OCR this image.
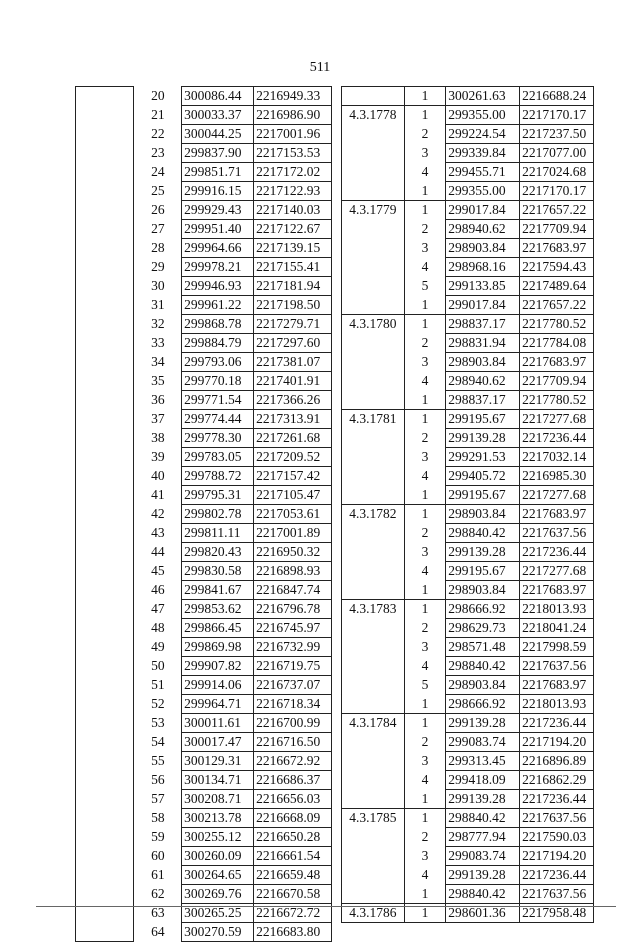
511
	20	300086.44	2216949.33
	21	300033.37	2216986.90
	22	300044.25	2217001.96
	23	299837.90	2217153.53
	24	299851.71	2217172.02
	25	299916.15	2217122.93
	26	299929.43	2217140.03
	27	299951.40	2217122.67
	28	299964.66	2217139.15
	29	299978.21	2217155.41
	30	299946.93	2217181.94
	31	299961.22	2217198.50
	32	299868.78	2217279.71
	33	299884.79	2217297.60
	34	299793.06	2217381.07
	35	299770.18	2217401.91
	36	299771.54	2217366.26
	37	299774.44	2217313.91
	38	299778.30	2217261.68
	39	299783.05	2217209.52
	40	299788.72	2217157.42
	41	299795.31	2217105.47
	42	299802.78	2217053.61
	43	299811.11	2217001.89
	44	299820.43	2216950.32
	45	299830.58	2216898.93
	46	299841.67	2216847.74
	47	299853.62	2216796.78
	48	299866.45	2216745.97
	49	299869.98	2216732.99
	50	299907.82	2216719.75
	51	299914.06	2216737.07
	52	299964.71	2216718.34
	53	300011.61	2216700.99
	54	300017.47	2216716.50
	55	300129.31	2216672.92
	56	300134.71	2216686.37
	57	300208.71	2216656.03
	58	300213.78	2216668.09
	59	300255.12	2216650.28
	60	300260.09	2216661.54
	61	300264.65	2216659.48
	62	300269.76	2216670.58
	63	300265.25	2216672.72
	64	300270.59	2216683.80
	1	300261.63	2216688.24
4.3.1778	1	299355.00	2217170.17
	2	299224.54	2217237.50
	3	299339.84	2217077.00
	4	299455.71	2217024.68
	1	299355.00	2217170.17
4.3.1779	1	299017.84	2217657.22
	2	298940.62	2217709.94
	3	298903.84	2217683.97
	4	298968.16	2217594.43
	5	299133.85	2217489.64
	1	299017.84	2217657.22
4.3.1780	1	298837.17	2217780.52
	2	298831.94	2217784.08
	3	298903.84	2217683.97
	4	298940.62	2217709.94
	1	298837.17	2217780.52
4.3.1781	1	299195.67	2217277.68
	2	299139.28	2217236.44
	3	299291.53	2217032.14
	4	299405.72	2216985.30
	1	299195.67	2217277.68
4.3.1782	1	298903.84	2217683.97
	2	298840.42	2217637.56
	3	299139.28	2217236.44
	4	299195.67	2217277.68
	1	298903.84	2217683.97
4.3.1783	1	298666.92	2218013.93
	2	298629.73	2218041.24
	3	298571.48	2217998.59
	4	298840.42	2217637.56
	5	298903.84	2217683.97
	1	298666.92	2218013.93
4.3.1784	1	299139.28	2217236.44
	2	299083.74	2217194.20
	3	299313.45	2216896.89
	4	299418.09	2216862.29
	1	299139.28	2217236.44
4.3.1785	1	298840.42	2217637.56
	2	298777.94	2217590.03
	3	299083.74	2217194.20
	4	299139.28	2217236.44
	1	298840.42	2217637.56
4.3.1786	1	298601.36	2217958.48
